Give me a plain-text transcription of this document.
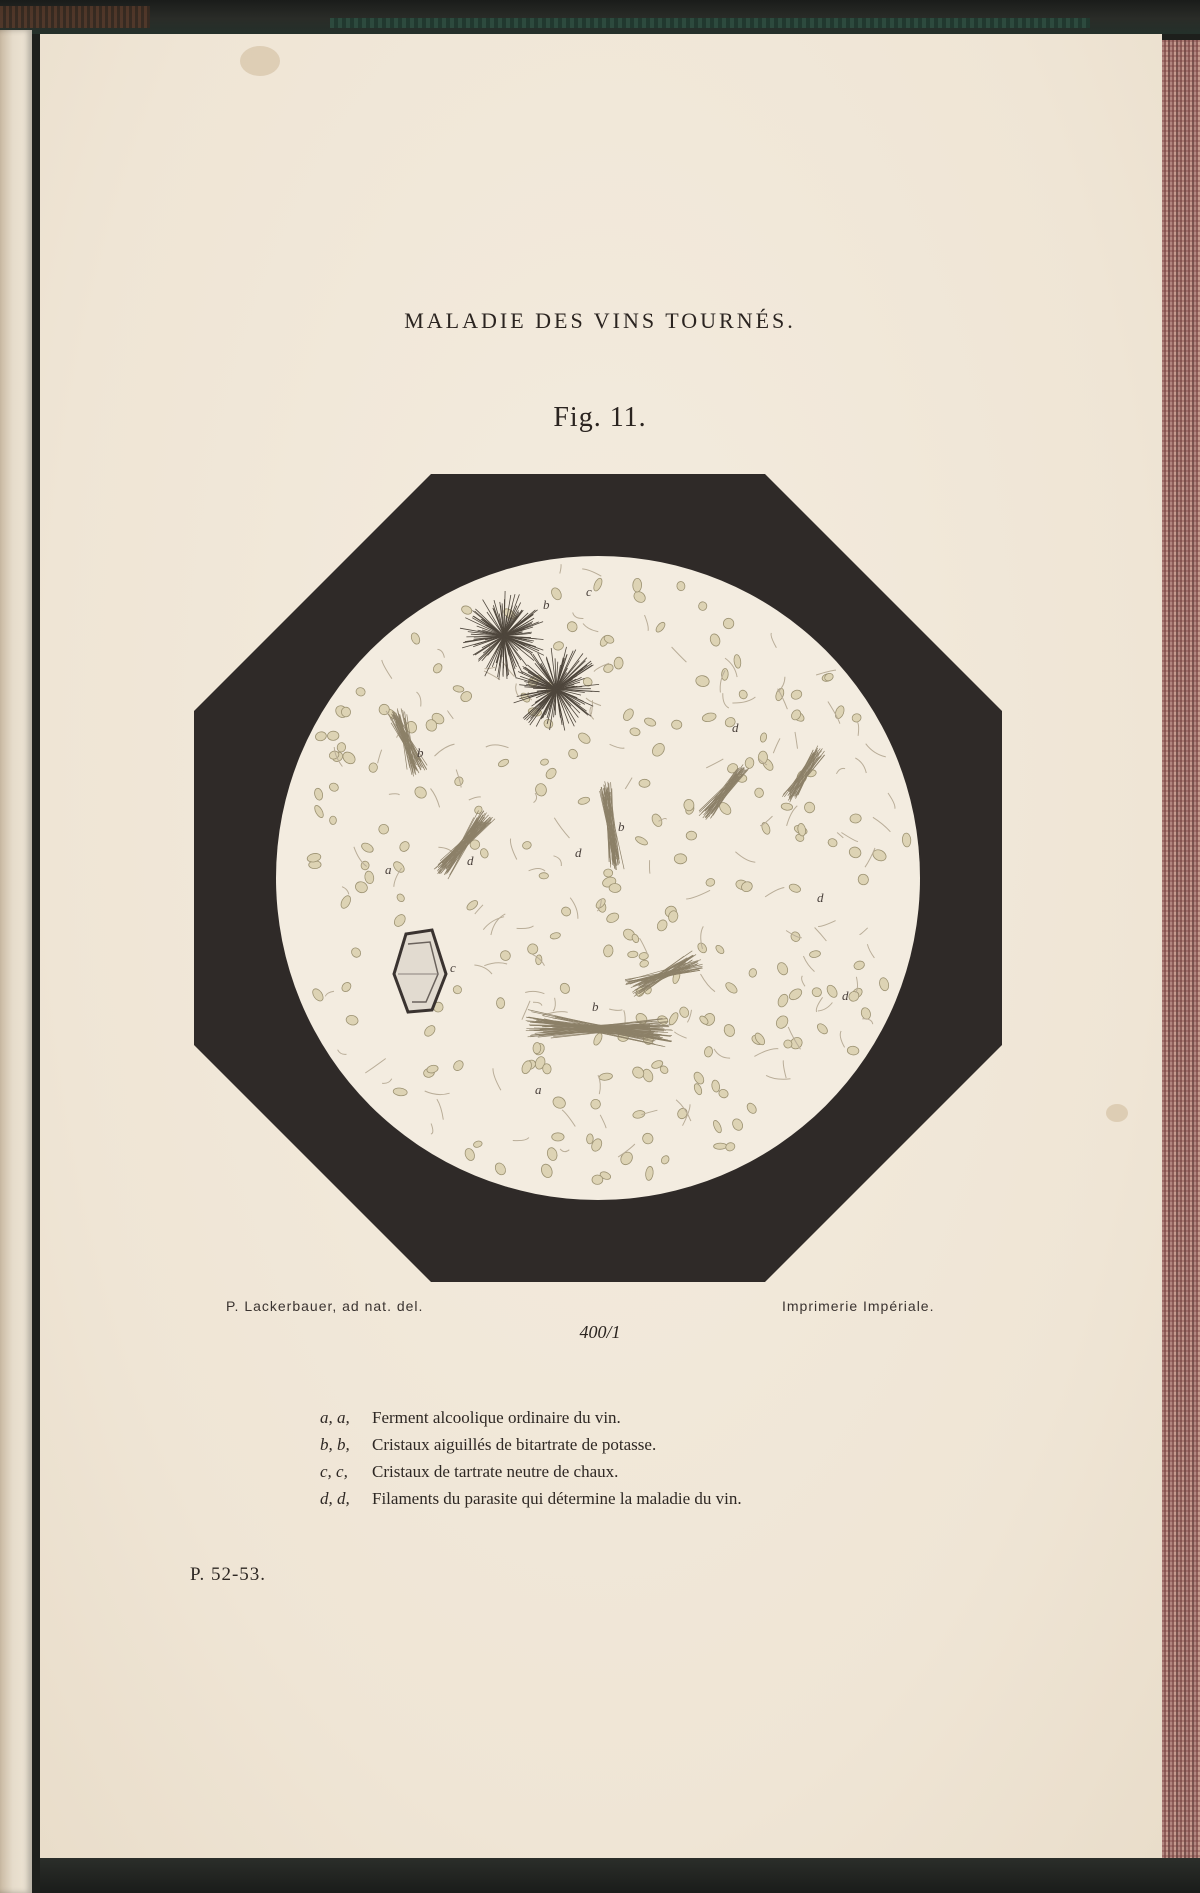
MALADIE DES VINS TOURNÉS.
Fig. 11.
b
c
b
a
d
d
b
d
d
d
c
b
a
P. Lackerbauer, ad nat. del.	Imprimerie Impériale.
400/1
a, a, Ferment alcoolique ordinaire du vin.
b, b, Cristaux aiguillés de bitartrate de potasse.
c, c, Cristaux de tartrate neutre de chaux.
d, d, Filaments du parasite qui détermine la maladie du vin.
P. 52-53.
